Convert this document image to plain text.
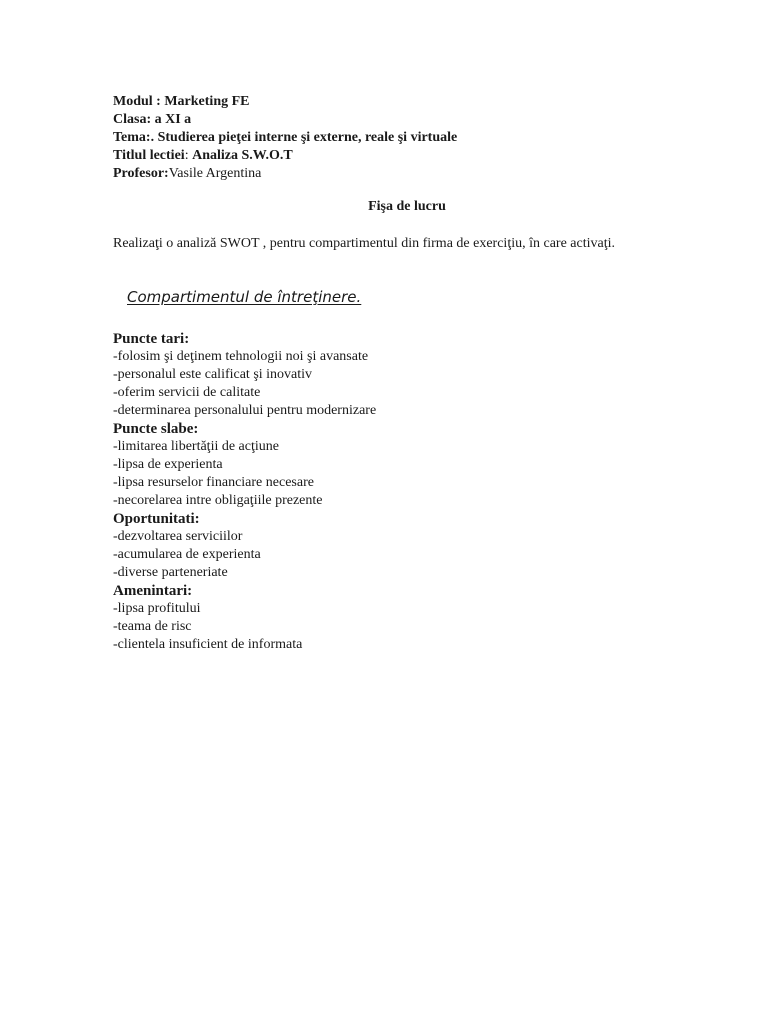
Modul : Marketing FE
Clasa: a XI a
Tema:. Studierea pieţei interne şi externe, reale şi virtuale
Titlul lectiei: Analiza S.W.O.T
Profesor:Vasile Argentina
Fişa de lucru
Realizaţi o analiză SWOT , pentru compartimentul din firma de exerciţiu, în care activaţi.
Compartimentul de întreţinere.
Puncte tari:
-folosim şi deţinem tehnologii noi şi avansate
-personalul este calificat şi inovativ
-oferim servicii de calitate
-determinarea personalului pentru modernizare
Puncte slabe:
-limitarea libertăţii de acţiune
-lipsa de experienta
-lipsa resurselor financiare necesare
-necorelarea intre obligaţiile prezente
Oportunitati:
-dezvoltarea serviciilor
-acumularea de experienta
-diverse parteneriate
Amenintari:
-lipsa profitului
-teama de risc
-clientela insuficient de informata
